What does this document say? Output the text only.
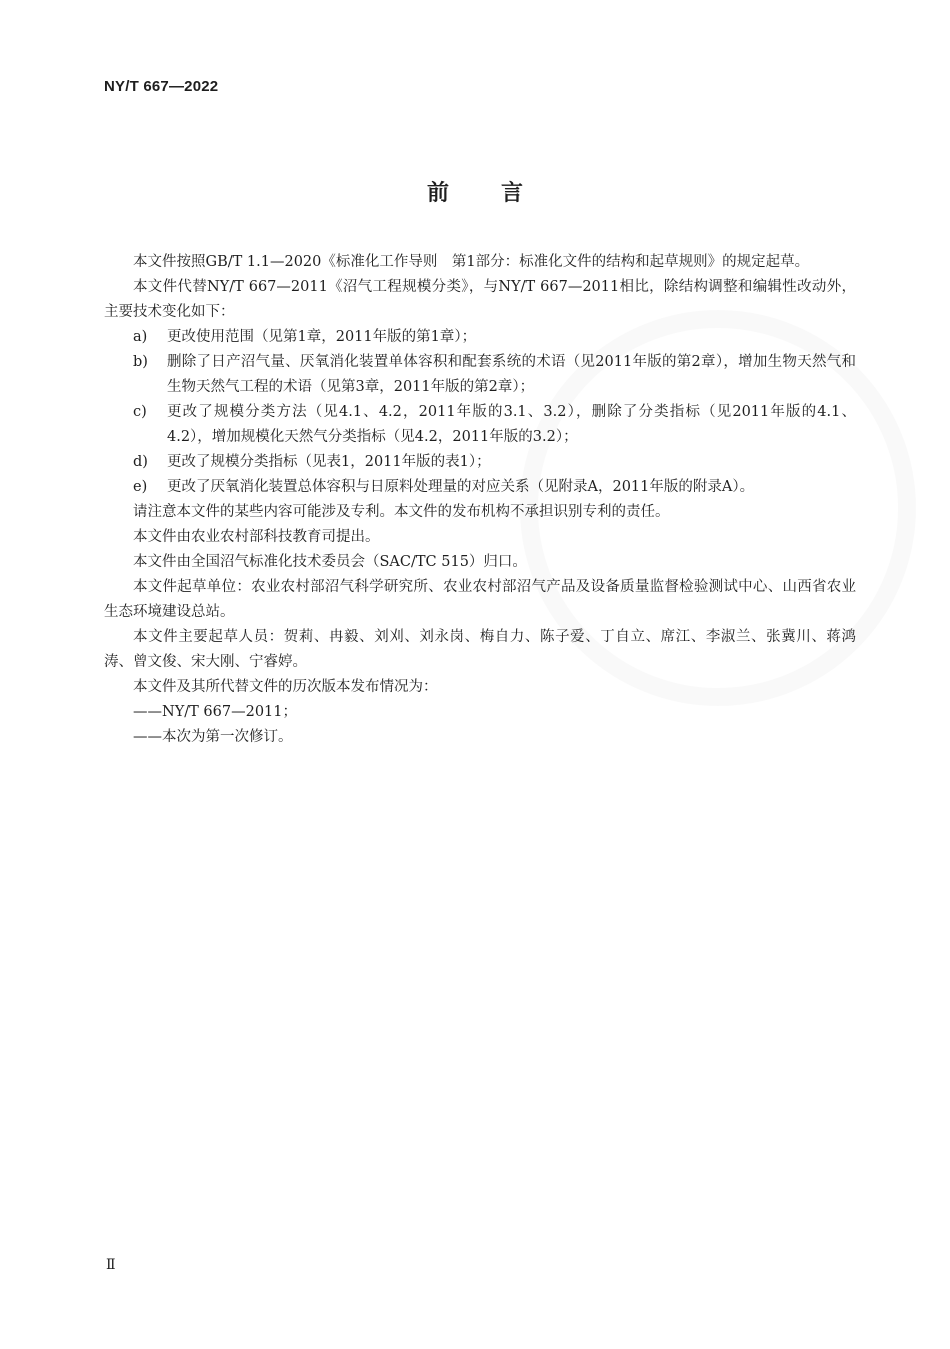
NY/T 667—2022
前言

本文件按照GB/T 1.1—2020《标准化工作导则　第1部分：标准化文件的结构和起草规则》的规定起草。

本文件代替NY/T 667—2011《沼气工程规模分类》，与NY/T 667—2011相比，除结构调整和编辑性改动外，主要技术变化如下：

a) 更改使用范围（见第1章，2011年版的第1章）；
b) 删除了日产沼气量、厌氧消化装置单体容积和配套系统的术语（见2011年版的第2章），增加生物天然气和生物天然气工程的术语（见第3章，2011年版的第2章）；
c) 更改了规模分类方法（见4.1、4.2，2011年版的3.1、3.2），删除了分类指标（见2011年版的4.1、4.2），增加规模化天然气分类指标（见4.2，2011年版的3.2）；
d) 更改了规模分类指标（见表1，2011年版的表1）；
e) 更改了厌氧消化装置总体容积与日原料处理量的对应关系（见附录A，2011年版的附录A）。

请注意本文件的某些内容可能涉及专利。本文件的发布机构不承担识别专利的责任。

本文件由农业农村部科技教育司提出。

本文件由全国沼气标准化技术委员会（SAC/TC 515）归口。

本文件起草单位：农业农村部沼气科学研究所、农业农村部沼气产品及设备质量监督检验测试中心、山西省农业生态环境建设总站。

本文件主要起草人员：贺莉、冉毅、刘刈、刘永岗、梅自力、陈子爱、丁自立、席江、李淑兰、张冀川、蒋鸿涛、曾文俊、宋大刚、宁睿婷。

本文件及其所代替文件的历次版本发布情况为：

——NY/T 667—2011；

——本次为第一次修订。

Ⅱ
